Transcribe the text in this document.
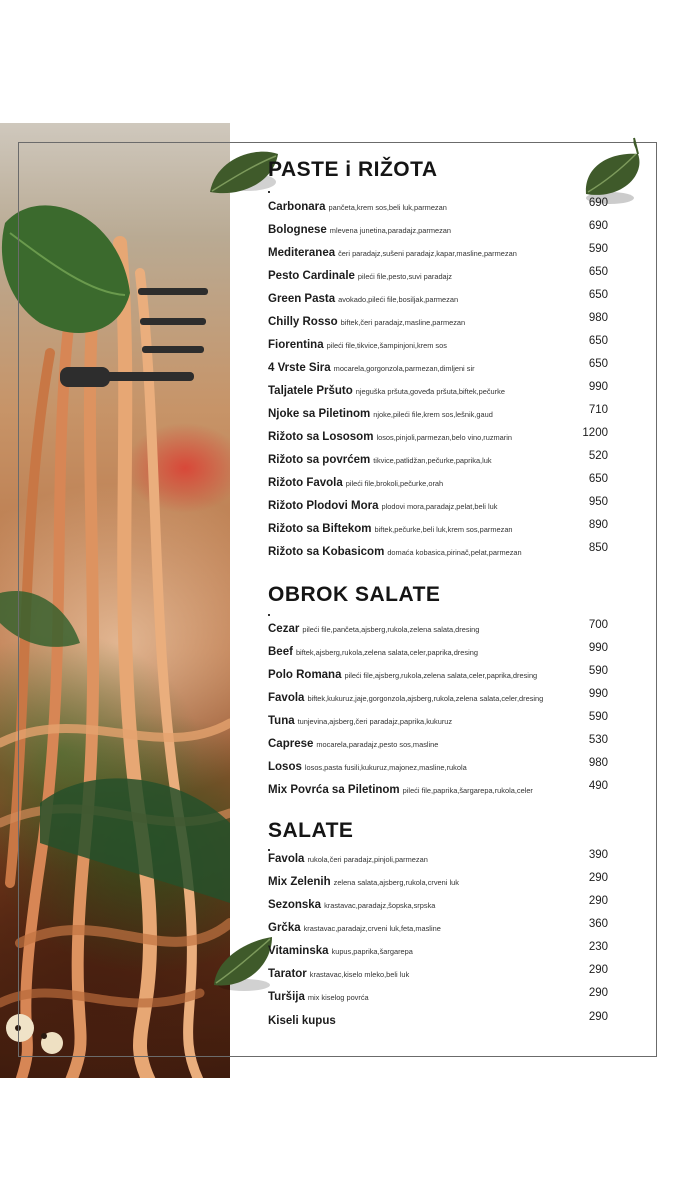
PASTE i RIŽOTA
Carbonara pančeta,krem sos,beli luk,parmezan	690
Bolognese mlevena junetina,paradajz,parmezan	690
Mediteranea čeri paradajz,sušeni paradajz,kapar,masline,parmezan	590
Pesto Cardinale pileći file,pesto,suvi paradajz	650
Green Pasta avokado,pileći file,bosiljak,parmezan	650
Chilly Rosso biftek,čeri paradajz,masline,parmezan	980
Fiorentina pileći file,tikvice,šampinjoni,krem sos	650
4 Vrste Sira mocarela,gorgonzola,parmezan,dimljeni sir	650
Taljatele Pršuto njeguška pršuta,goveđa pršuta,biftek,pečurke	990
Njoke sa Piletinom njoke,pileći file,krem sos,lešnik,gaud	710
Rižoto sa Lososom losos,pinjoli,parmezan,belo vino,ruzmarin	1200
Rižoto sa povrćem tikvice,patlidžan,pečurke,paprika,luk	520
Rižoto Favola pileći file,brokoli,pečurke,orah	650
Rižoto Plodovi Mora plodovi mora,paradajz,pelat,beli luk	950
Rižoto sa Biftekom biftek,pečurke,beli luk,krem sos,parmezan	890
Rižoto sa Kobasicom domaća kobasica,pirinač,pelat,parmezan	850
OBROK SALATE
Cezar pileći file,pančeta,ajsberg,rukola,zelena salata,dresing	700
Beef biftek,ajsberg,rukola,zelena salata,celer,paprika,dresing	990
Polo Romana pileći file,ajsberg,rukola,zelena salata,celer,paprika,dresing	590
Favola biftek,kukuruz,jaje,gorgonzola,ajsberg,rukola,zelena salata,celer,dresing	990
Tuna tunjevina,ajsberg,čeri paradajz,paprika,kukuruz	590
Caprese mocarela,paradajz,pesto sos,masline	530
Losos losos,pasta fusili,kukuruz,majonez,masline,rukola	980
Mix Povrća sa Piletinom pileći file,paprika,šargarepa,rukola,celer	490
SALATE
Favola rukola,čeri paradajz,pinjoli,parmezan	390
Mix Zelenih zelena salata,ajsberg,rukola,crveni luk	290
Sezonska krastavac,paradajz,šopska,srpska	290
Grčka krastavac,paradajz,crveni luk,feta,masline	360
Vitaminska kupus,paprika,šargarepa	230
Tarator krastavac,kiselo mleko,beli luk	290
Turšija mix kiselog povrća	290
Kiseli kupus	290
